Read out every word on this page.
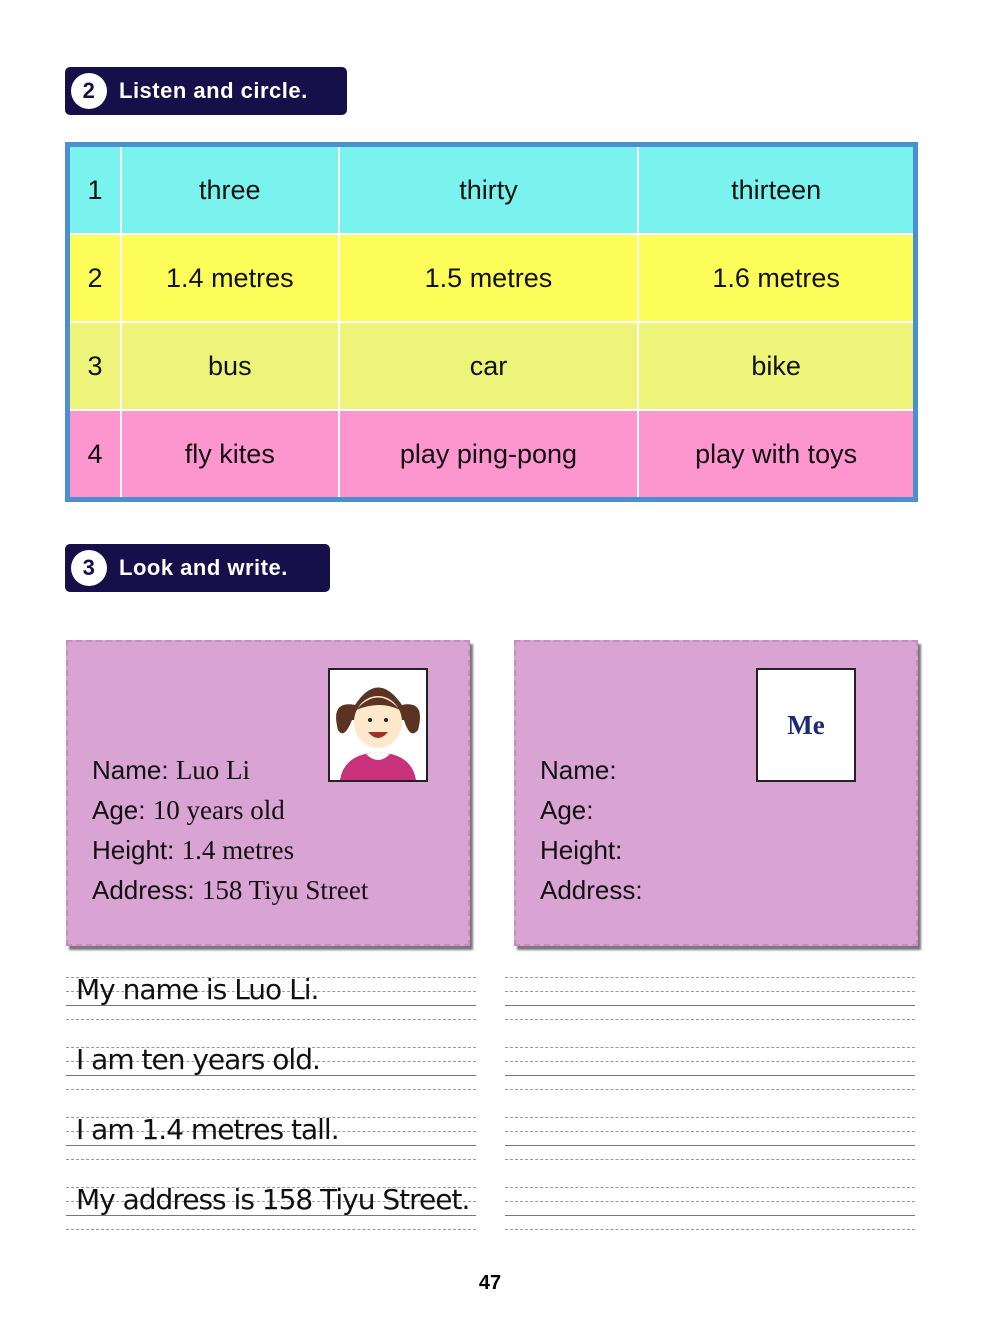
2	Listen and circle.
1	three	thirty	thirteen
2	1.4 metres	1.5 metres	1.6 metres
3	bus	car	bike
4	fly kites	play ping-pong	play with toys
3	Look and write.
Name: Luo Li
Age: 10 years old
Height: 1.4 metres
Address: 158 Tiyu Street
Me
Name:
Age:
Height:
Address:
My name is Luo Li.
I am ten years old.
I am 1.4 metres tall.
My address is 158 Tiyu Street.
47
